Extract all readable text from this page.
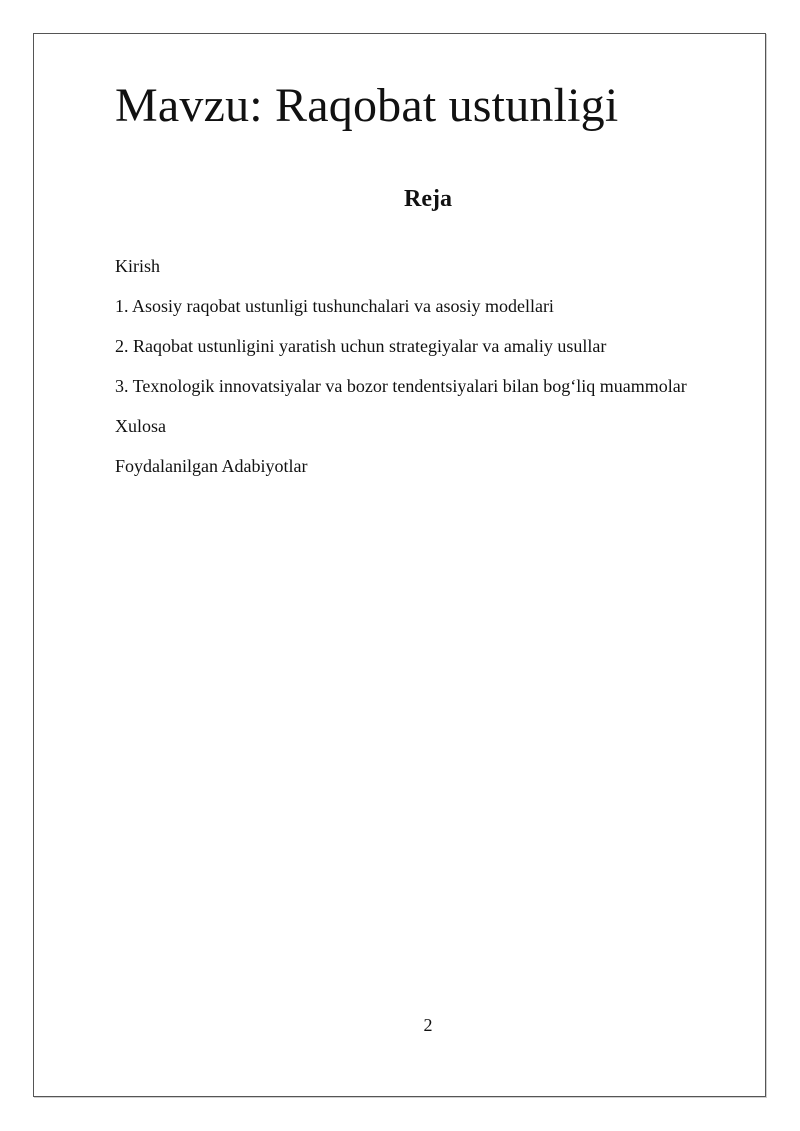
Mavzu: Raqobat ustunligi
Reja
Kirish
1. Asosiy raqobat ustunligi tushunchalari va asosiy modellari
2. Raqobat ustunligini yaratish uchun strategiyalar va amaliy usullar
3. Texnologik innovatsiyalar va bozor tendentsiyalari bilan bog‘liq muammolar
Xulosa
Foydalanilgan Adabiyotlar
2
